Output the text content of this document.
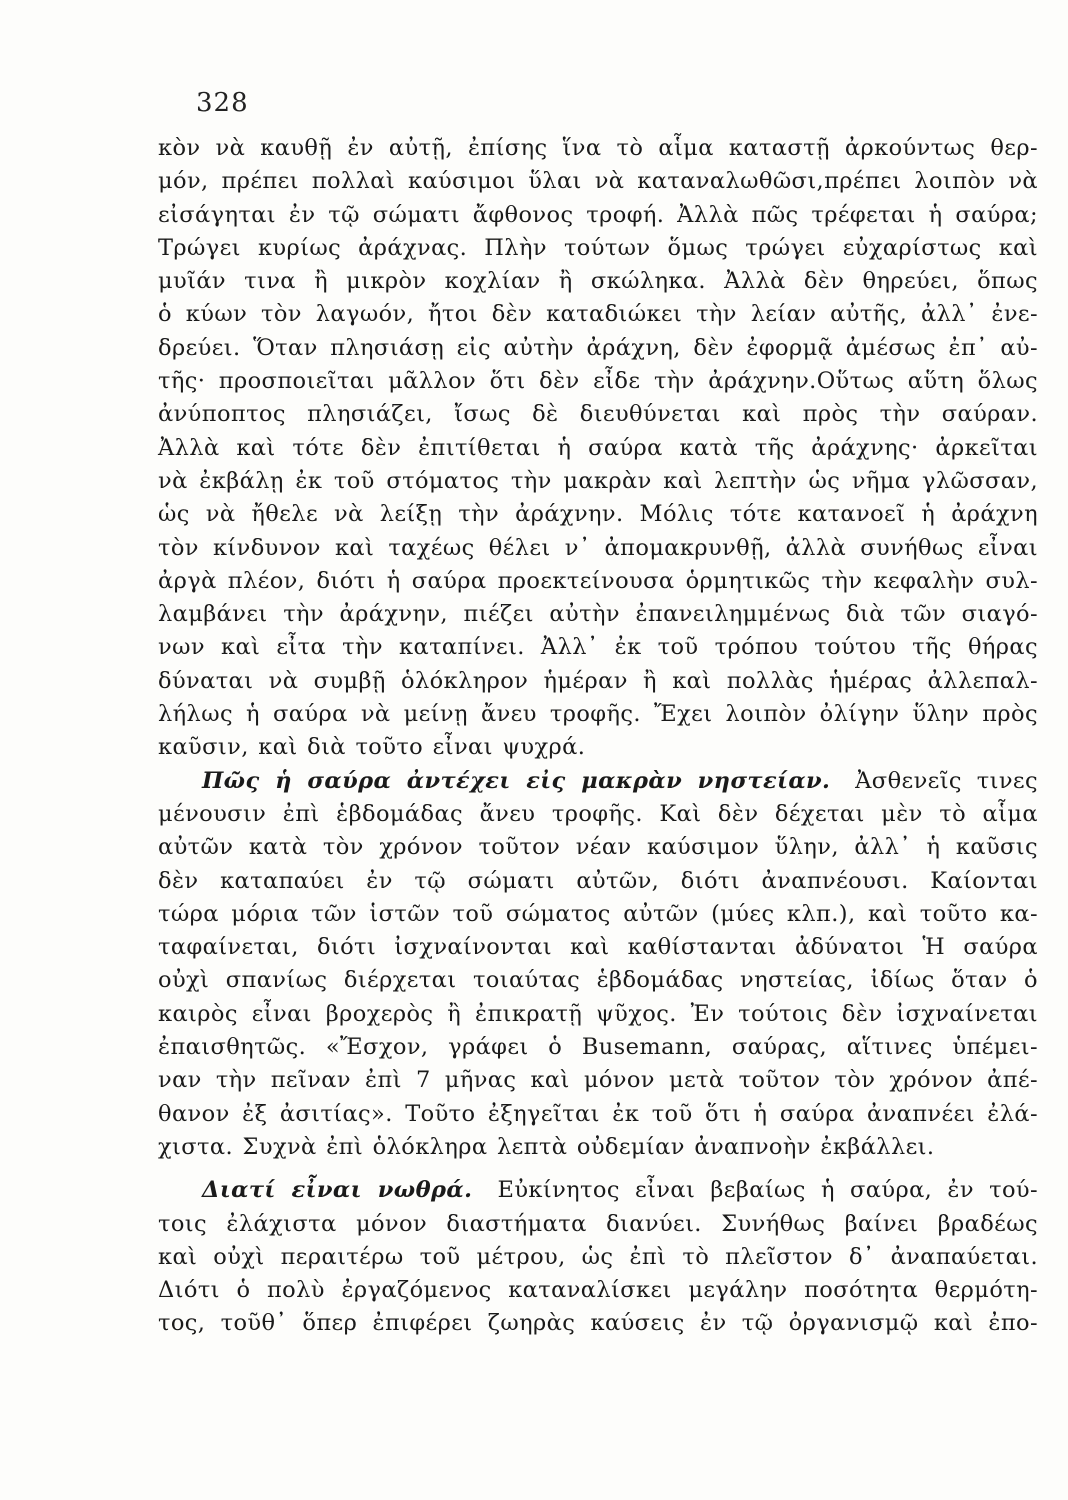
328
κὸν νὰ καυθῇ ἐν αὐτῇ, ἐπίσης ἵνα τὸ αἷμα καταστῇ ἀρκούντως θερ-
μόν, πρέπει πολλαὶ καύσιμοι ὕλαι νὰ καταναλωθῶσι,πρέπει λοιπὸν νὰ
εἰσάγηται ἐν τῷ σώματι ἄφθονος τροφή. Ἀλλὰ πῶς τρέφεται ἡ σαύρα;
Τρώγει κυρίως ἀράχνας. Πλὴν τούτων ὅμως τρώγει εὐχαρίστως καὶ
μυῖάν τινα ἢ μικρὸν κοχλίαν ἢ σκώληκα. Ἀλλὰ δὲν θηρεύει, ὅπως
ὁ κύων τὸν λαγωόν, ἤτοι δὲν καταδιώκει τὴν λείαν αὐτῆς, ἀλλ᾽ ἐνε-
δρεύει. Ὅταν πλησιάσῃ εἰς αὐτὴν ἀράχνη, δὲν ἐφορμᾷ ἀμέσως ἐπ᾽ αὐ-
τῆς· προσποιεῖται μᾶλλον ὅτι δὲν εἶδε τὴν ἀράχνην.Οὕτως αὕτη ὅλως
ἀνύποπτος πλησιάζει, ἴσως δὲ διευθύνεται καὶ πρὸς τὴν σαύραν.
Ἀλλὰ καὶ τότε δὲν ἐπιτίθεται ἡ σαύρα κατὰ τῆς ἀράχνης· ἀρκεῖται
νὰ ἐκβάλῃ ἐκ τοῦ στόματος τὴν μακρὰν καὶ λεπτὴν ὡς νῆμα γλῶσσαν,
ὡς νὰ ἤθελε νὰ λείξῃ τὴν ἀράχνην. Μόλις τότε κατανοεῖ ἡ ἀράχνη
τὸν κίνδυνον καὶ ταχέως θέλει ν᾽ ἀπομακρυνθῇ, ἀλλὰ συνήθως εἶναι
ἀργὰ πλέον, διότι ἡ σαύρα προεκτείνουσα ὁρμητικῶς τὴν κεφαλὴν συλ-
λαμβάνει τὴν ἀράχνην, πιέζει αὐτὴν ἐπανειλημμένως διὰ τῶν σιαγό-
νων καὶ εἶτα τὴν καταπίνει. Ἀλλ᾽ ἐκ τοῦ τρόπου τούτου τῆς θήρας
δύναται νὰ συμβῇ ὁλόκληρον ἡμέραν ἢ καὶ πολλὰς ἡμέρας ἀλλεπαλ-
λήλως ἡ σαύρα νὰ μείνῃ ἄνευ τροφῆς. Ἔχει λοιπὸν ὀλίγην ὕλην πρὸς
καῦσιν, καὶ διὰ τοῦτο εἶναι ψυχρά.
Πῶς ἡ σαύρα ἀντέχει εἰς μακρὰν νηστείαν. Ἀσθενεῖς τινες
μένουσιν ἐπὶ ἑβδομάδας ἄνευ τροφῆς. Καὶ δὲν δέχεται μὲν τὸ αἷμα
αὐτῶν κατὰ τὸν χρόνον τοῦτον νέαν καύσιμον ὕλην, ἀλλ᾽ ἡ καῦσις
δὲν καταπαύει ἐν τῷ σώματι αὐτῶν, διότι ἀναπνέουσι. Καίονται
τώρα μόρια τῶν ἱστῶν τοῦ σώματος αὐτῶν (μύες κλπ.), καὶ τοῦτο κα-
ταφαίνεται, διότι ἰσχναίνονται καὶ καθίστανται ἀδύνατοι Ἡ σαύρα
οὐχὶ σπανίως διέρχεται τοιαύτας ἑβδομάδας νηστείας, ἰδίως ὅταν ὁ
καιρὸς εἶναι βροχερὸς ἢ ἐπικρατῇ ψῦχος. Ἐν τούτοις δὲν ἰσχναίνεται
ἐπαισθητῶς. «Ἔσχον, γράφει ὁ Busemann, σαύρας, αἵτινες ὑπέμει-
ναν τὴν πεῖναν ἐπὶ 7 μῆνας καὶ μόνον μετὰ τοῦτον τὸν χρόνον ἀπέ-
θανον ἐξ ἀσιτίας». Τοῦτο ἐξηγεῖται ἐκ τοῦ ὅτι ἡ σαύρα ἀναπνέει ἐλά-
χιστα. Συχνὰ ἐπὶ ὁλόκληρα λεπτὰ οὐδεμίαν ἀναπνοὴν ἐκβάλλει.
Διατί εἶναι νωθρά. Εὐκίνητος εἶναι βεβαίως ἡ σαύρα, ἐν τού-
τοις ἐλάχιστα μόνον διαστήματα διανύει. Συνήθως βαίνει βραδέως
καὶ οὐχὶ περαιτέρω τοῦ μέτρου, ὡς ἐπὶ τὸ πλεῖστον δ᾽ ἀναπαύεται.
Διότι ὁ πολὺ ἐργαζόμενος καταναλίσκει μεγάλην ποσότητα θερμότη-
τος, τοῦθ᾽ ὅπερ ἐπιφέρει ζωηρὰς καύσεις ἐν τῷ ὀργανισμῷ καὶ ἐπο-
